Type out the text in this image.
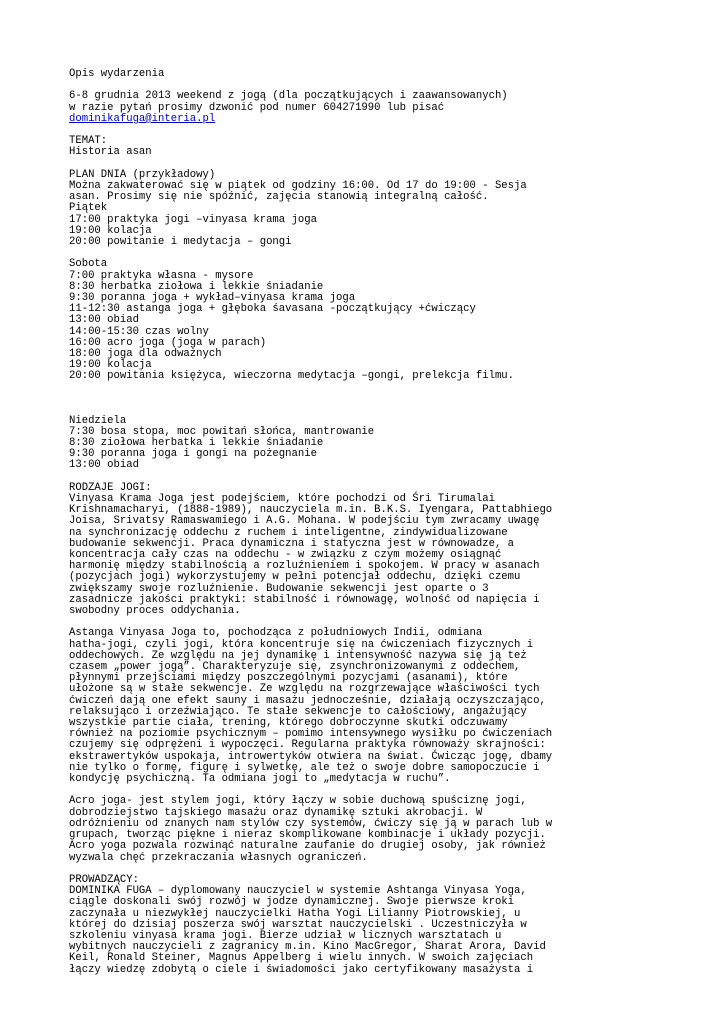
Opis wydarzenia
6-8 grudnia 2013 weekend z jogą (dla początkujących i zaawansowanych)
w razie pytań prosimy dzwonić pod numer 604271990 lub pisać
dominikafuga@interia.pl
TEMAT:
Historia asan
PLAN DNIA (przykładowy)
Można zakwaterować się w piątek od godziny 16:00. Od 17 do 19:00 - Sesja
asan. Prosimy się nie spóźnić, zajęcia stanowią integralną całość.
Piątek
17:00 praktyka jogi –vinyasa krama joga
19:00 kolacja
20:00 powitanie i medytacja – gongi
Sobota
7:00 praktyka własna - mysore
8:30 herbatka ziołowa i lekkie śniadanie
9:30 poranna joga + wykład–vinyasa krama joga
11-12:30 astanga joga + głęboka śavasana -początkujący +ćwiczący
13:00 obiad
14:00-15:30 czas wolny
16:00 acro joga (joga w parach)
18:00 joga dla odważnych
19:00 kolacja
20:00 powitania księżyca, wieczorna medytacja –gongi, prelekcja filmu.
Niedziela
7:30 bosa stopa, moc powitań słońca, mantrowanie
8:30 ziołowa herbatka i lekkie śniadanie
9:30 poranna joga i gongi na pożegnanie
13:00 obiad
RODZAJE JOGI:
Vinyasa Krama Joga jest podejściem, które pochodzi od Śri Tirumalai
Krishnamacharyi, (1888-1989), nauczyciela m.in. B.K.S. Iyengara, Pattabhiego
Joisa, Srivatsy Ramaswamiego i A.G. Mohana. W podejściu tym zwracamy uwagę
na synchronizację oddechu z ruchem i inteligentne, zindywidualizowane
budowanie sekwencji. Praca dynamiczna i statyczna jest w równowadze, a
koncentracja cały czas na oddechu - w związku z czym możemy osiągnąć
harmonię między stabilnością a rozluźnieniem i spokojem. W pracy w asanach
(pozycjach jogi) wykorzystujemy w pełni potencjał oddechu, dzięki czemu
zwiększamy swoje rozluźnienie. Budowanie sekwencji jest oparte o 3
zasadnicze jakości praktyki: stabilność i równowagę, wolność od napięcia i
swobodny proces oddychania.
Astanga Vinyasa Joga to, pochodząca z południowych Indii, odmiana
hatha-jogi, czyli jogi, która koncentruje się na ćwiczeniach fizycznych i
oddechowych. Ze względu na jej dynamikę i intensywność nazywa się ją też
czasem „power jogą”. Charakteryzuje się, zsynchronizowanymi z oddechem,
płynnymi przejściami między poszczególnymi pozycjami (asanami), które
ułożone są w stałe sekwencje. Ze względu na rozgrzewające właściwości tych
ćwiczeń dają one efekt sauny i masażu jednocześnie, działają oczyszczająco,
relaksująco i orzeźwiająco. Te stałe sekwencje to całościowy, angażujący
wszystkie partie ciała, trening, którego dobroczynne skutki odczuwamy
również na poziomie psychicznym – pomimo intensywnego wysiłku po ćwiczeniach
czujemy się odprężeni i wypoczęci. Regularna praktyka równoważy skrajności:
ekstrawertyków uspokaja, introwertyków otwiera na świat. Ćwicząc jogę, dbamy
nie tylko o formę, figurę i sylwetkę, ale też o swoje dobre samopoczucie i
kondycję psychiczną. Ta odmiana jogi to „medytacja w ruchu”.
Acro joga- jest stylem jogi, który łączy w sobie duchową spuściznę jogi,
dobrodziejstwo tajskiego masażu oraz dynamikę sztuki akrobacji. W
odróżnieniu od znanych nam stylów czy systemów, ćwiczy się ją w parach lub w
grupach, tworząc piękne i nieraz skomplikowane kombinacje i układy pozycji.
Acro yoga pozwala rozwinąć naturalne zaufanie do drugiej osoby, jak również
wyzwala chęć przekraczania własnych ograniczeń.
PROWADZĄCY:
DOMINIKA FUGA – dyplomowany nauczyciel w systemie Ashtanga Vinyasa Yoga,
ciągle doskonali swój rozwój w jodze dynamicznej. Swoje pierwsze kroki
zaczynała u niezwykłej nauczycielki Hatha Yogi Lilianny Piotrowskiej, u
której do dzisiaj poszerza swój warsztat nauczycielski . Uczestniczyła w
szkoleniu vinyasa krama jogi. Bierze udział w licznych warsztatach u
wybitnych nauczycieli z zagranicy m.in. Kino MacGregor, Sharat Arora, David
Keil, Ronald Steiner, Magnus Appelberg i wielu innych. W swoich zajęciach
łączy wiedzę zdobytą o ciele i świadomości jako certyfikowany masażysta i
